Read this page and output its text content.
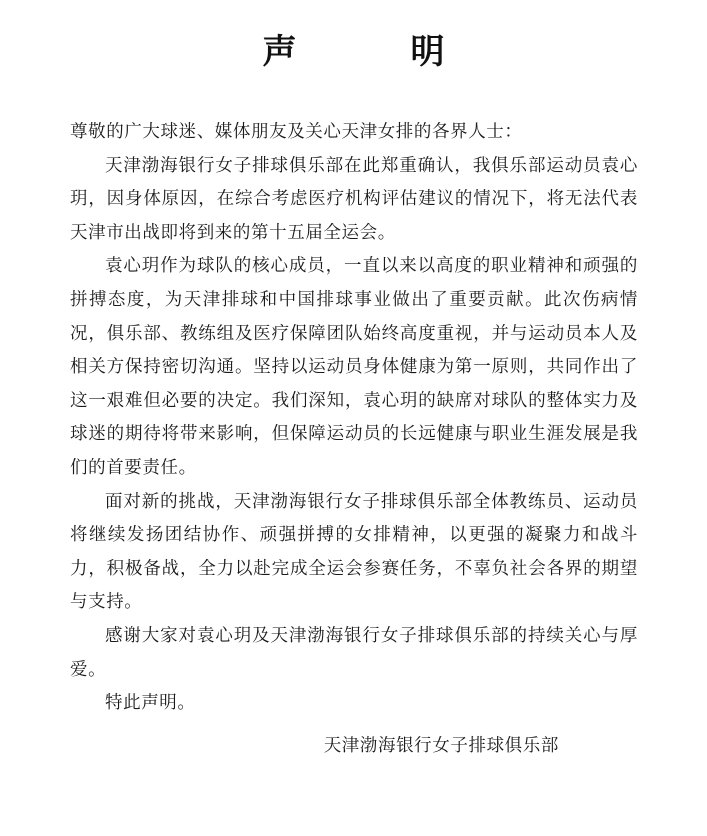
声　明

尊敬的广大球迷、媒体朋友及关心天津女排的各界人士：

天津渤海银行女子排球俱乐部在此郑重确认，我俱乐部运动员袁心玥，因身体原因，在综合考虑医疗机构评估建议的情况下，将无法代表天津市出战即将到来的第十五届全运会。

袁心玥作为球队的核心成员，一直以来以高度的职业精神和顽强的拼搏态度，为天津排球和中国排球事业做出了重要贡献。此次伤病情况，俱乐部、教练组及医疗保障团队始终高度重视，并与运动员本人及相关方保持密切沟通。坚持以运动员身体健康为第一原则，共同作出了这一艰难但必要的决定。我们深知，袁心玥的缺席对球队的整体实力及球迷的期待将带来影响，但保障运动员的长远健康与职业生涯发展是我们的首要责任。

面对新的挑战，天津渤海银行女子排球俱乐部全体教练员、运动员将继续发扬团结协作、顽强拼搏的女排精神，以更强的凝聚力和战斗力，积极备战，全力以赴完成全运会参赛任务，不辜负社会各界的期望与支持。

感谢大家对袁心玥及天津渤海银行女子排球俱乐部的持续关心与厚爱。

特此声明。

天津渤海银行女子排球俱乐部
